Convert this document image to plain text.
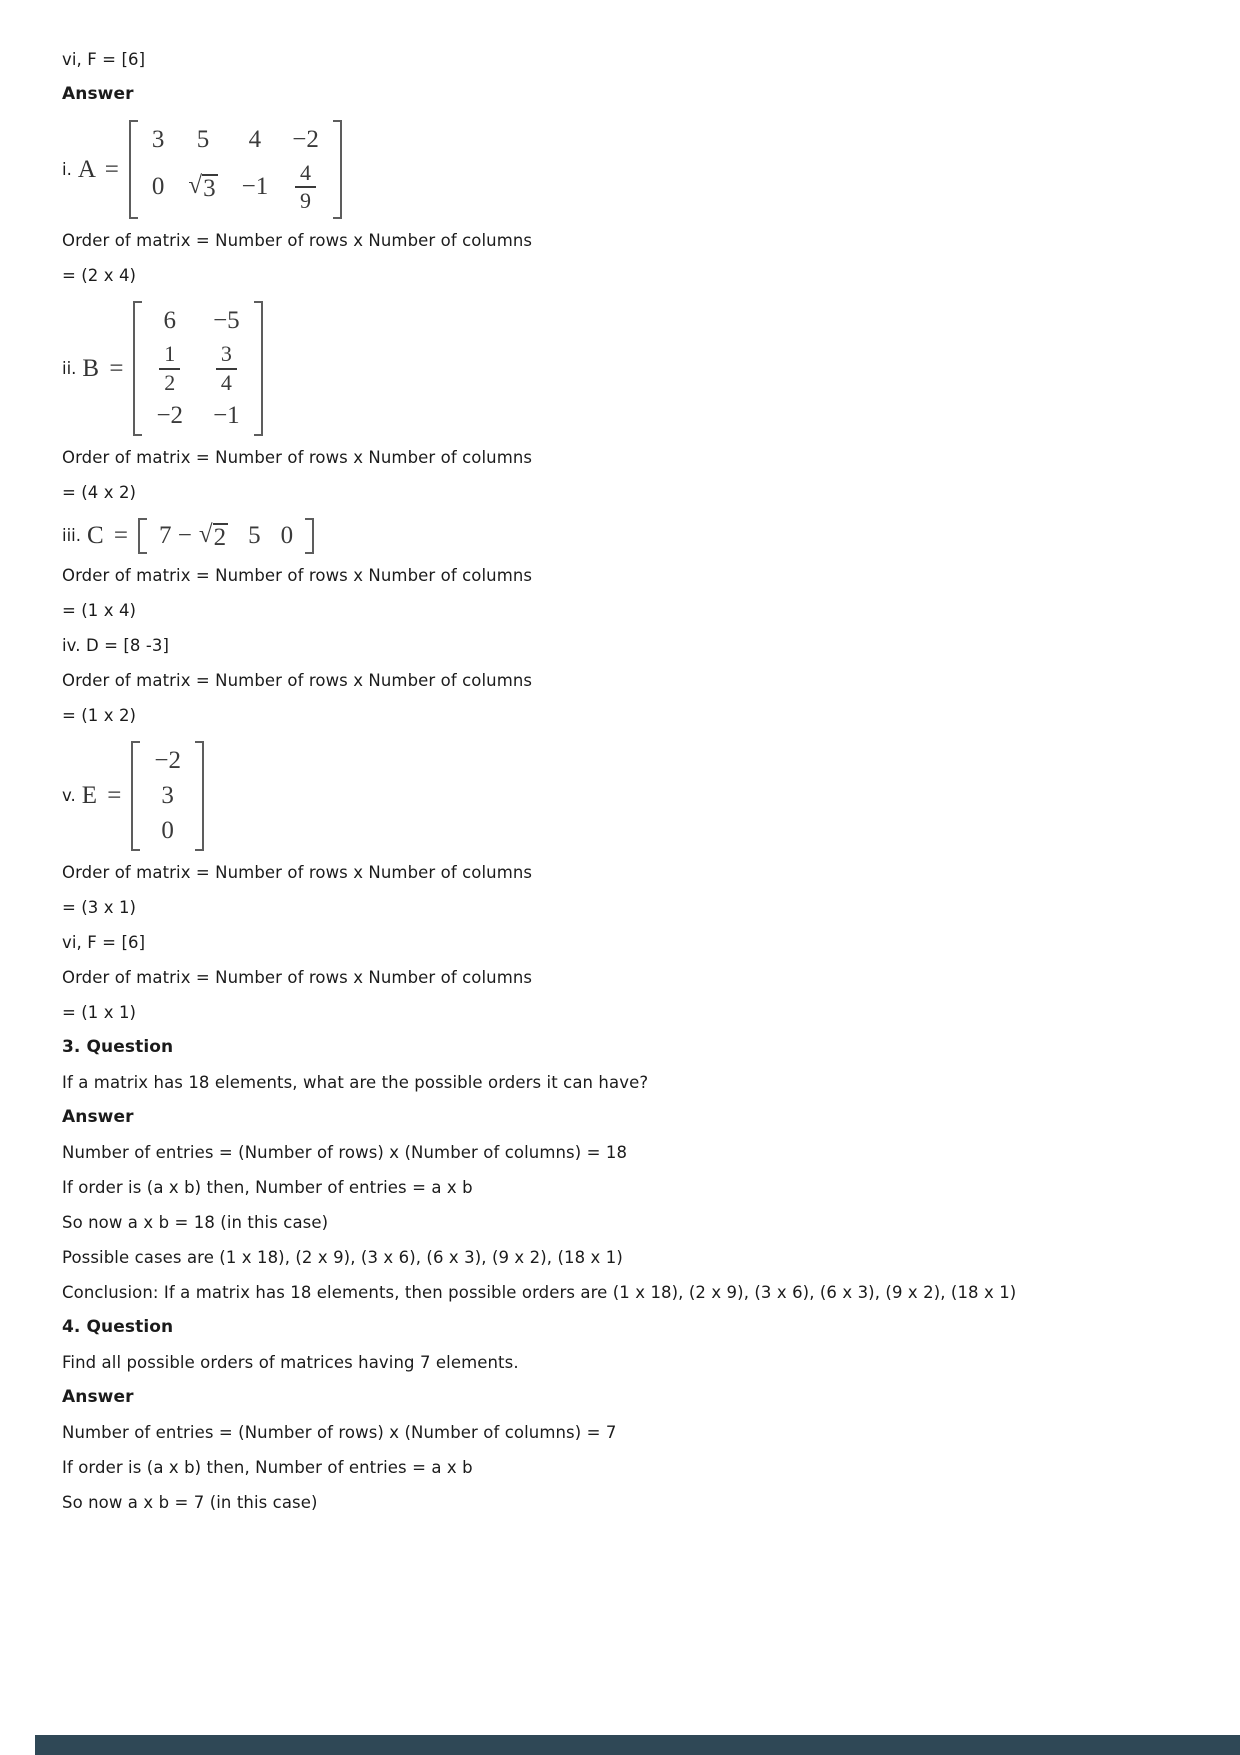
vi, F = [6]

Answer

i. A =
3 5 4 −2
0 √ $3 -1 \frac{4}{9}$

Order of matrix = Number of rows x Number of columns

= (2 x 4)

ii. B =
6 −5
$\frac{1}{2} \frac{3}{4}$
−2 −1

Order of matrix = Number of rows x Number of columns

= (4 x 2)

iii. C = 7 − √ 2 5 0

Order of matrix = Number of rows x Number of columns

= (1 x 4)

iv. D = [8 -3]

Order of matrix = Number of rows x Number of columns

= (1 x 2)

v. E =
−2
3
0

Order of matrix = Number of rows x Number of columns

= (3 x 1)

vi, F = [6]

Order of matrix = Number of rows x Number of columns

= (1 x 1)

3. Question

If a matrix has 18 elements, what are the possible orders it can have?

Answer

Number of entries = (Number of rows) x (Number of columns) = 18

If order is (a x b) then, Number of entries = a x b

So now a x b = 18 (in this case)

Possible cases are (1 x 18), (2 x 9), (3 x 6), (6 x 3), (9 x 2), (18 x 1)

Conclusion: If a matrix has 18 elements, then possible orders are (1 x 18), (2 x 9), (3 x 6), (6 x 3), (9 x 2), (18 x 1)

4. Question

Find all possible orders of matrices having 7 elements.

Answer

Number of entries = (Number of rows) x (Number of columns) = 7

If order is (a x b) then, Number of entries = a x b

So now a x b = 7 (in this case)
